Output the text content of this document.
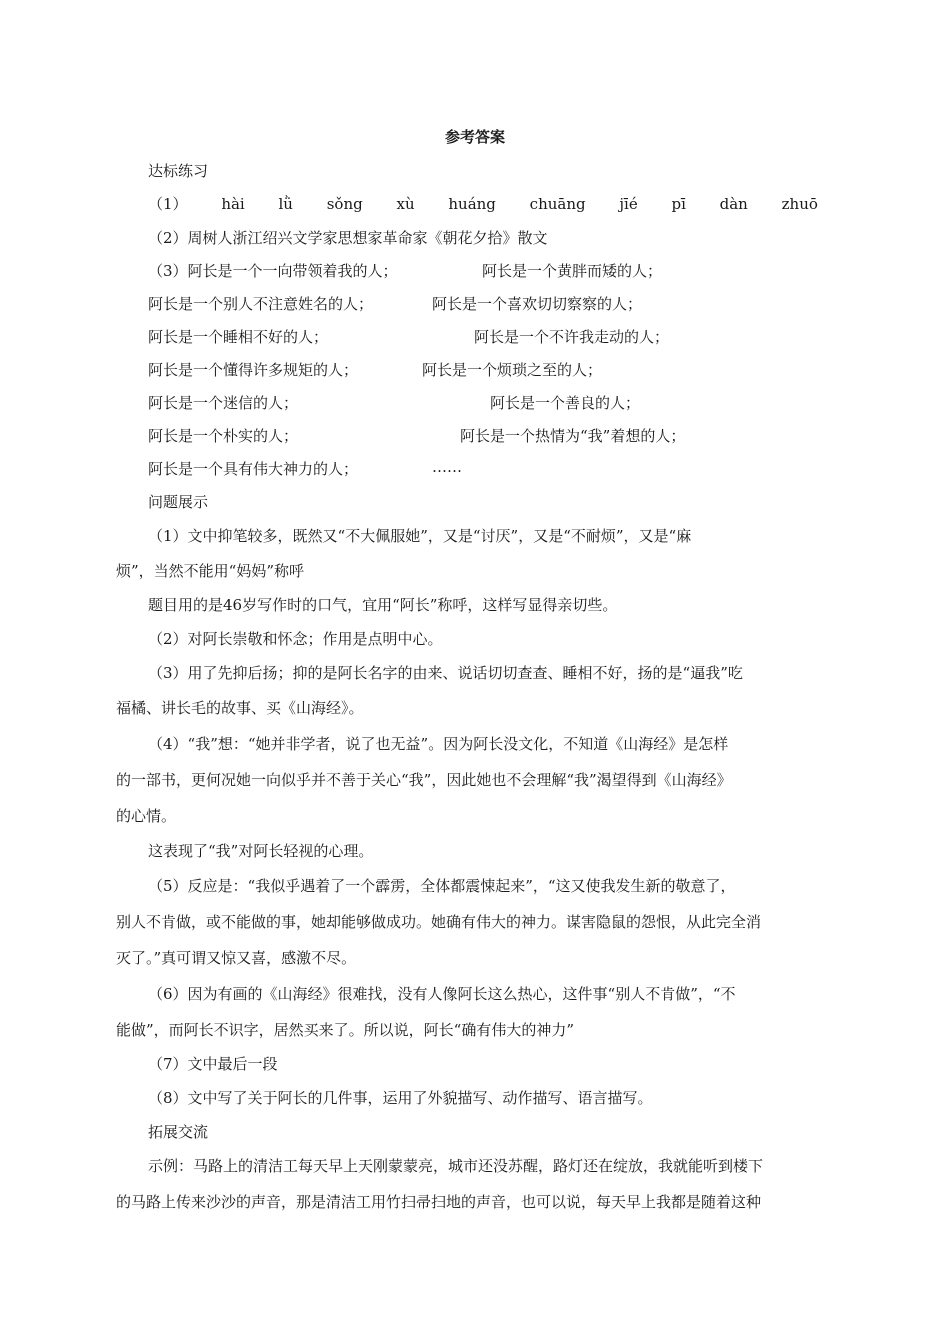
参考答案
达标练习
（1） hài lǜ sǒng xù huáng chuāng jīé pī dàn zhuō
（2）周树人浙江绍兴文学家思想家革命家《朝花夕拾》散文
（3）阿长是一个一向带领着我的人；	阿长是一个黄胖而矮的人；
阿长是一个别人不注意姓名的人；	阿长是一个喜欢切切察察的人；
阿长是一个睡相不好的人；	阿长是一个不许我走动的人；
阿长是一个懂得许多规矩的人；	阿长是一个烦琐之至的人；
阿长是一个迷信的人；	阿长是一个善良的人；
阿长是一个朴实的人；	阿长是一个热情为“我”着想的人；
阿长是一个具有伟大神力的人；	……
问题展示
（1）文中抑笔较多，既然又“不大佩服她”，又是“讨厌”，又是“不耐烦”，又是“麻
烦”，当然不能用“妈妈”称呼
题目用的是46岁写作时的口气，宜用“阿长”称呼，这样写显得亲切些。
（2）对阿长崇敬和怀念；作用是点明中心。
（3）用了先抑后扬；抑的是阿长名字的由来、说话切切查查、睡相不好，扬的是“逼我”吃
福橘、讲长毛的故事、买《山海经》。
（4）“我”想：“她并非学者，说了也无益”。因为阿长没文化，不知道《山海经》是怎样
的一部书，更何况她一向似乎并不善于关心“我”，因此她也不会理解“我”渴望得到《山海经》
的心情。
这表现了“我”对阿长轻视的心理。
（5）反应是：“我似乎遇着了一个霹雳，全体都震悚起来”，“这又使我发生新的敬意了，
别人不肯做，或不能做的事，她却能够做成功。她确有伟大的神力。谋害隐鼠的怨恨，从此完全消
灭了。”真可谓又惊又喜，感激不尽。
（6）因为有画的《山海经》很难找，没有人像阿长这么热心，这件事“别人不肯做”，“不
能做”，而阿长不识字，居然买来了。所以说，阿长“确有伟大的神力”
（7）文中最后一段
（8）文中写了关于阿长的几件事，运用了外貌描写、动作描写、语言描写。
拓展交流
示例：马路上的清洁工每天早上天刚蒙蒙亮，城市还没苏醒，路灯还在绽放，我就能听到楼下
的马路上传来沙沙的声音，那是清洁工用竹扫帚扫地的声音，也可以说，每天早上我都是随着这种
